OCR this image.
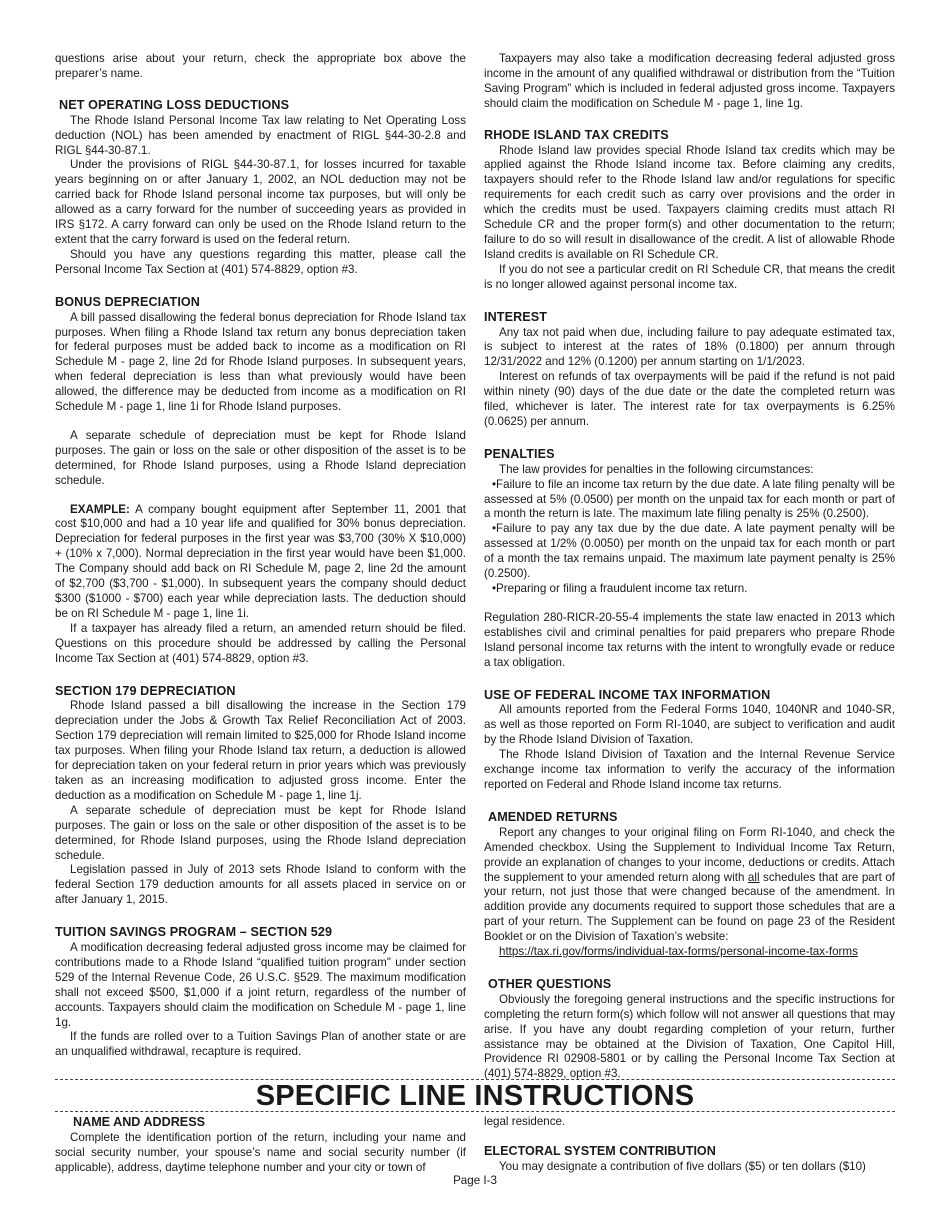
questions arise about your return, check the appropriate box above the preparer’s name.

NET OPERATING LOSS DEDUCTIONS

The Rhode Island Personal Income Tax law relating to Net Operating Loss deduction (NOL) has been amended by enactment of RIGL §44-30-2.8 and RIGL §44-30-87.1.

Under the provisions of RIGL §44-30-87.1, for losses incurred for taxable years beginning on or after January 1, 2002, an NOL deduction may not be carried back for Rhode Island personal income tax purposes, but will only be allowed as a carry forward for the number of succeeding years as provided in IRS §172. A carry forward can only be used on the Rhode Island return to the extent that the carry forward is used on the federal return.

Should you have any questions regarding this matter, please call the Personal Income Tax Section at (401) 574-8829, option #3.

BONUS DEPRECIATION

A bill passed disallowing the federal bonus depreciation for Rhode Island tax purposes. When filing a Rhode Island tax return any bonus depreciation taken for federal purposes must be added back to income as a modification on RI Schedule M - page 2, line 2d for Rhode Island purposes. In subsequent years, when federal depreciation is less than what previously would have been allowed, the difference may be deducted from income as a modification on RI Schedule M - page 1, line 1i for Rhode Island purposes.

A separate schedule of depreciation must be kept for Rhode Island purposes. The gain or loss on the sale or other disposition of the asset is to be determined, for Rhode Island purposes, using a Rhode Island depreciation schedule.

EXAMPLE: A company bought equipment after September 11, 2001 that cost $10,000 and had a 10 year life and qualified for 30% bonus depreciation. Depreciation for federal purposes in the first year was $3,700 (30% X $10,000) + (10% x 7,000). Normal depreciation in the first year would have been $1,000. The Company should add back on RI Schedule M, page 2, line 2d the amount of $2,700 ($3,700 - $1,000). In subsequent years the company should deduct $300 ($1000 - $700) each year while depreciation lasts. The deduction should be on RI Schedule M - page 1, line 1i.

If a taxpayer has already filed a return, an amended return should be filed. Questions on this procedure should be addressed by calling the Personal Income Tax Section at (401) 574-8829, option #3.

SECTION 179 DEPRECIATION

Rhode Island passed a bill disallowing the increase in the Section 179 depreciation under the Jobs & Growth Tax Relief Reconciliation Act of 2003. Section 179 depreciation will remain limited to $25,000 for Rhode Island income tax purposes. When filing your Rhode Island tax return, a deduction is allowed for depreciation taken on your federal return in prior years which was previously taken as an increasing modification to adjusted gross income. Enter the deduction as a modification on Schedule M - page 1, line 1j.

A separate schedule of depreciation must be kept for Rhode Island purposes. The gain or loss on the sale or other disposition of the asset is to be determined, for Rhode Island purposes, using the Rhode Island depreciation schedule.

Legislation passed in July of 2013 sets Rhode Island to conform with the federal Section 179 deduction amounts for all assets placed in service on or after January 1, 2015.

TUITION SAVINGS PROGRAM – SECTION 529

A modification decreasing federal adjusted gross income may be claimed for contributions made to a Rhode Island “qualified tuition program" under section 529 of the Internal Revenue Code, 26 U.S.C. §529. The maximum modification shall not exceed $500, $1,000 if a joint return, regardless of the number of accounts. Taxpayers should claim the modification on Schedule M - page 1, line 1g.

If the funds are rolled over to a Tuition Savings Plan of another state or are an unqualified withdrawal, recapture is required.

Taxpayers may also take a modification decreasing federal adjusted gross income in the amount of any qualified withdrawal or distribution from the “Tuition Saving Program” which is included in federal adjusted gross income. Taxpayers should claim the modification on Schedule M - page 1, line 1g.

RHODE ISLAND TAX CREDITS

Rhode Island law provides special Rhode Island tax credits which may be applied against the Rhode Island income tax. Before claiming any credits, taxpayers should refer to the Rhode Island law and/or regulations for specific requirements for each credit such as carry over provisions and the order in which the credits must be used. Taxpayers claiming credits must attach RI Schedule CR and the proper form(s) and other documentation to the return; failure to do so will result in disallowance of the credit. A list of allowable Rhode Island credits is available on RI Schedule CR.

If you do not see a particular credit on RI Schedule CR, that means the credit is no longer allowed against personal income tax.

INTEREST

Any tax not paid when due, including failure to pay adequate estimated tax, is subject to interest at the rates of 18% (0.1800) per annum through 12/31/2022 and 12% (0.1200) per annum starting on 1/1/2023.

Interest on refunds of tax overpayments will be paid if the refund is not paid within ninety (90) days of the due date or the date the completed return was filed, whichever is later. The interest rate for tax overpayments is 6.25% (0.0625) per annum.

PENALTIES

The law provides for penalties in the following circumstances:

•Failure to file an income tax return by the due date. A late filing penalty will be assessed at 5% (0.0500) per month on the unpaid tax for each month or part of a month the return is late. The maximum late filing penalty is 25% (0.2500).

•Failure to pay any tax due by the due date. A late payment penalty will be assessed at 1/2% (0.0050) per month on the unpaid tax for each month or part of a month the tax remains unpaid. The maximum late payment penalty is 25% (0.2500).

•Preparing or filing a fraudulent income tax return.

Regulation 280-RICR-20-55-4 implements the state law enacted in 2013 which establishes civil and criminal penalties for paid preparers who prepare Rhode Island personal income tax returns with the intent to wrongfully evade or reduce a tax obligation.

USE OF FEDERAL INCOME TAX INFORMATION

All amounts reported from the Federal Forms 1040, 1040NR and 1040-SR, as well as those reported on Form RI-1040, are subject to verification and audit by the Rhode Island Division of Taxation.

The Rhode Island Division of Taxation and the Internal Revenue Service exchange income tax information to verify the accuracy of the information reported on Federal and Rhode Island income tax returns.

AMENDED RETURNS

Report any changes to your original filing on Form RI-1040, and check the Amended checkbox. Using the Supplement to Individual Income Tax Return, provide an explanation of changes to your income, deductions or credits. Attach the supplement to your amended return along with all schedules that are part of your return, not just those that were changed because of the amendment. In addition provide any documents required to support those schedules that are a part of your return. The Supplement can be found on page 23 of the Resident Booklet or on the Division of Taxation’s website:

https://tax.ri.gov/forms/individual-tax-forms/personal-income-tax-forms

OTHER QUESTIONS

Obviously the foregoing general instructions and the specific instructions for completing the return form(s) which follow will not answer all questions that may arise. If you have any doubt regarding completion of your return, further assistance may be obtained at the Division of Taxation, One Capitol Hill, Providence RI 02908-5801 or by calling the Personal Income Tax Section at (401) 574-8829, option #3.

SPECIFIC LINE INSTRUCTIONS
NAME AND ADDRESS

Complete the identification portion of the return, including your name and social security number, your spouse’s name and social security number (if applicable), address, daytime telephone number and your city or town of

legal residence.

ELECTORAL SYSTEM CONTRIBUTION

You may designate a contribution of five dollars ($5) or ten dollars ($10)

Page I-3
